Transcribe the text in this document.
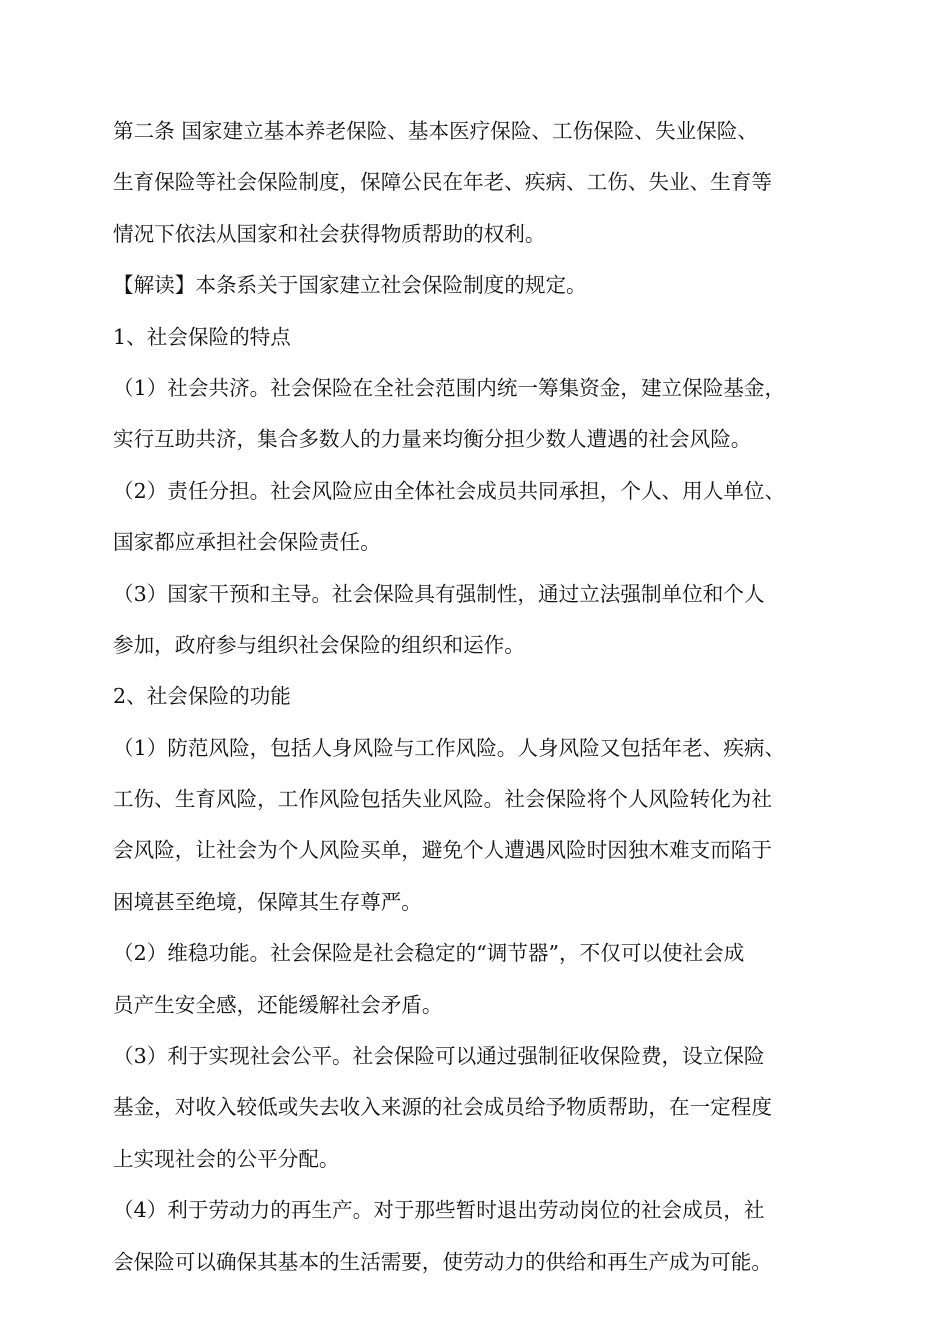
第二条 国家建立基本养老保险、基本医疗保险、工伤保险、失业保险、
生育保险等社会保险制度，保障公民在年老、疾病、工伤、失业、生育等
情况下依法从国家和社会获得物质帮助的权利。
【解读】本条系关于国家建立社会保险制度的规定。
1、社会保险的特点
（1）社会共济。社会保险在全社会范围内统一筹集资金，建立保险基金，
实行互助共济，集合多数人的力量来均衡分担少数人遭遇的社会风险。
（2）责任分担。社会风险应由全体社会成员共同承担，个人、用人单位、
国家都应承担社会保险责任。
（3）国家干预和主导。社会保险具有强制性，通过立法强制单位和个人
参加，政府参与组织社会保险的组织和运作。
2、社会保险的功能
（1）防范风险，包括人身风险与工作风险。人身风险又包括年老、疾病、
工伤、生育风险，工作风险包括失业风险。社会保险将个人风险转化为社
会风险，让社会为个人风险买单，避免个人遭遇风险时因独木难支而陷于
困境甚至绝境，保障其生存尊严。
（2）维稳功能。社会保险是社会稳定的“调节器”，不仅可以使社会成
员产生安全感，还能缓解社会矛盾。
（3）利于实现社会公平。社会保险可以通过强制征收保险费，设立保险
基金，对收入较低或失去收入来源的社会成员给予物质帮助，在一定程度
上实现社会的公平分配。
（4）利于劳动力的再生产。对于那些暂时退出劳动岗位的社会成员，社
会保险可以确保其基本的生活需要，使劳动力的供给和再生产成为可能。
